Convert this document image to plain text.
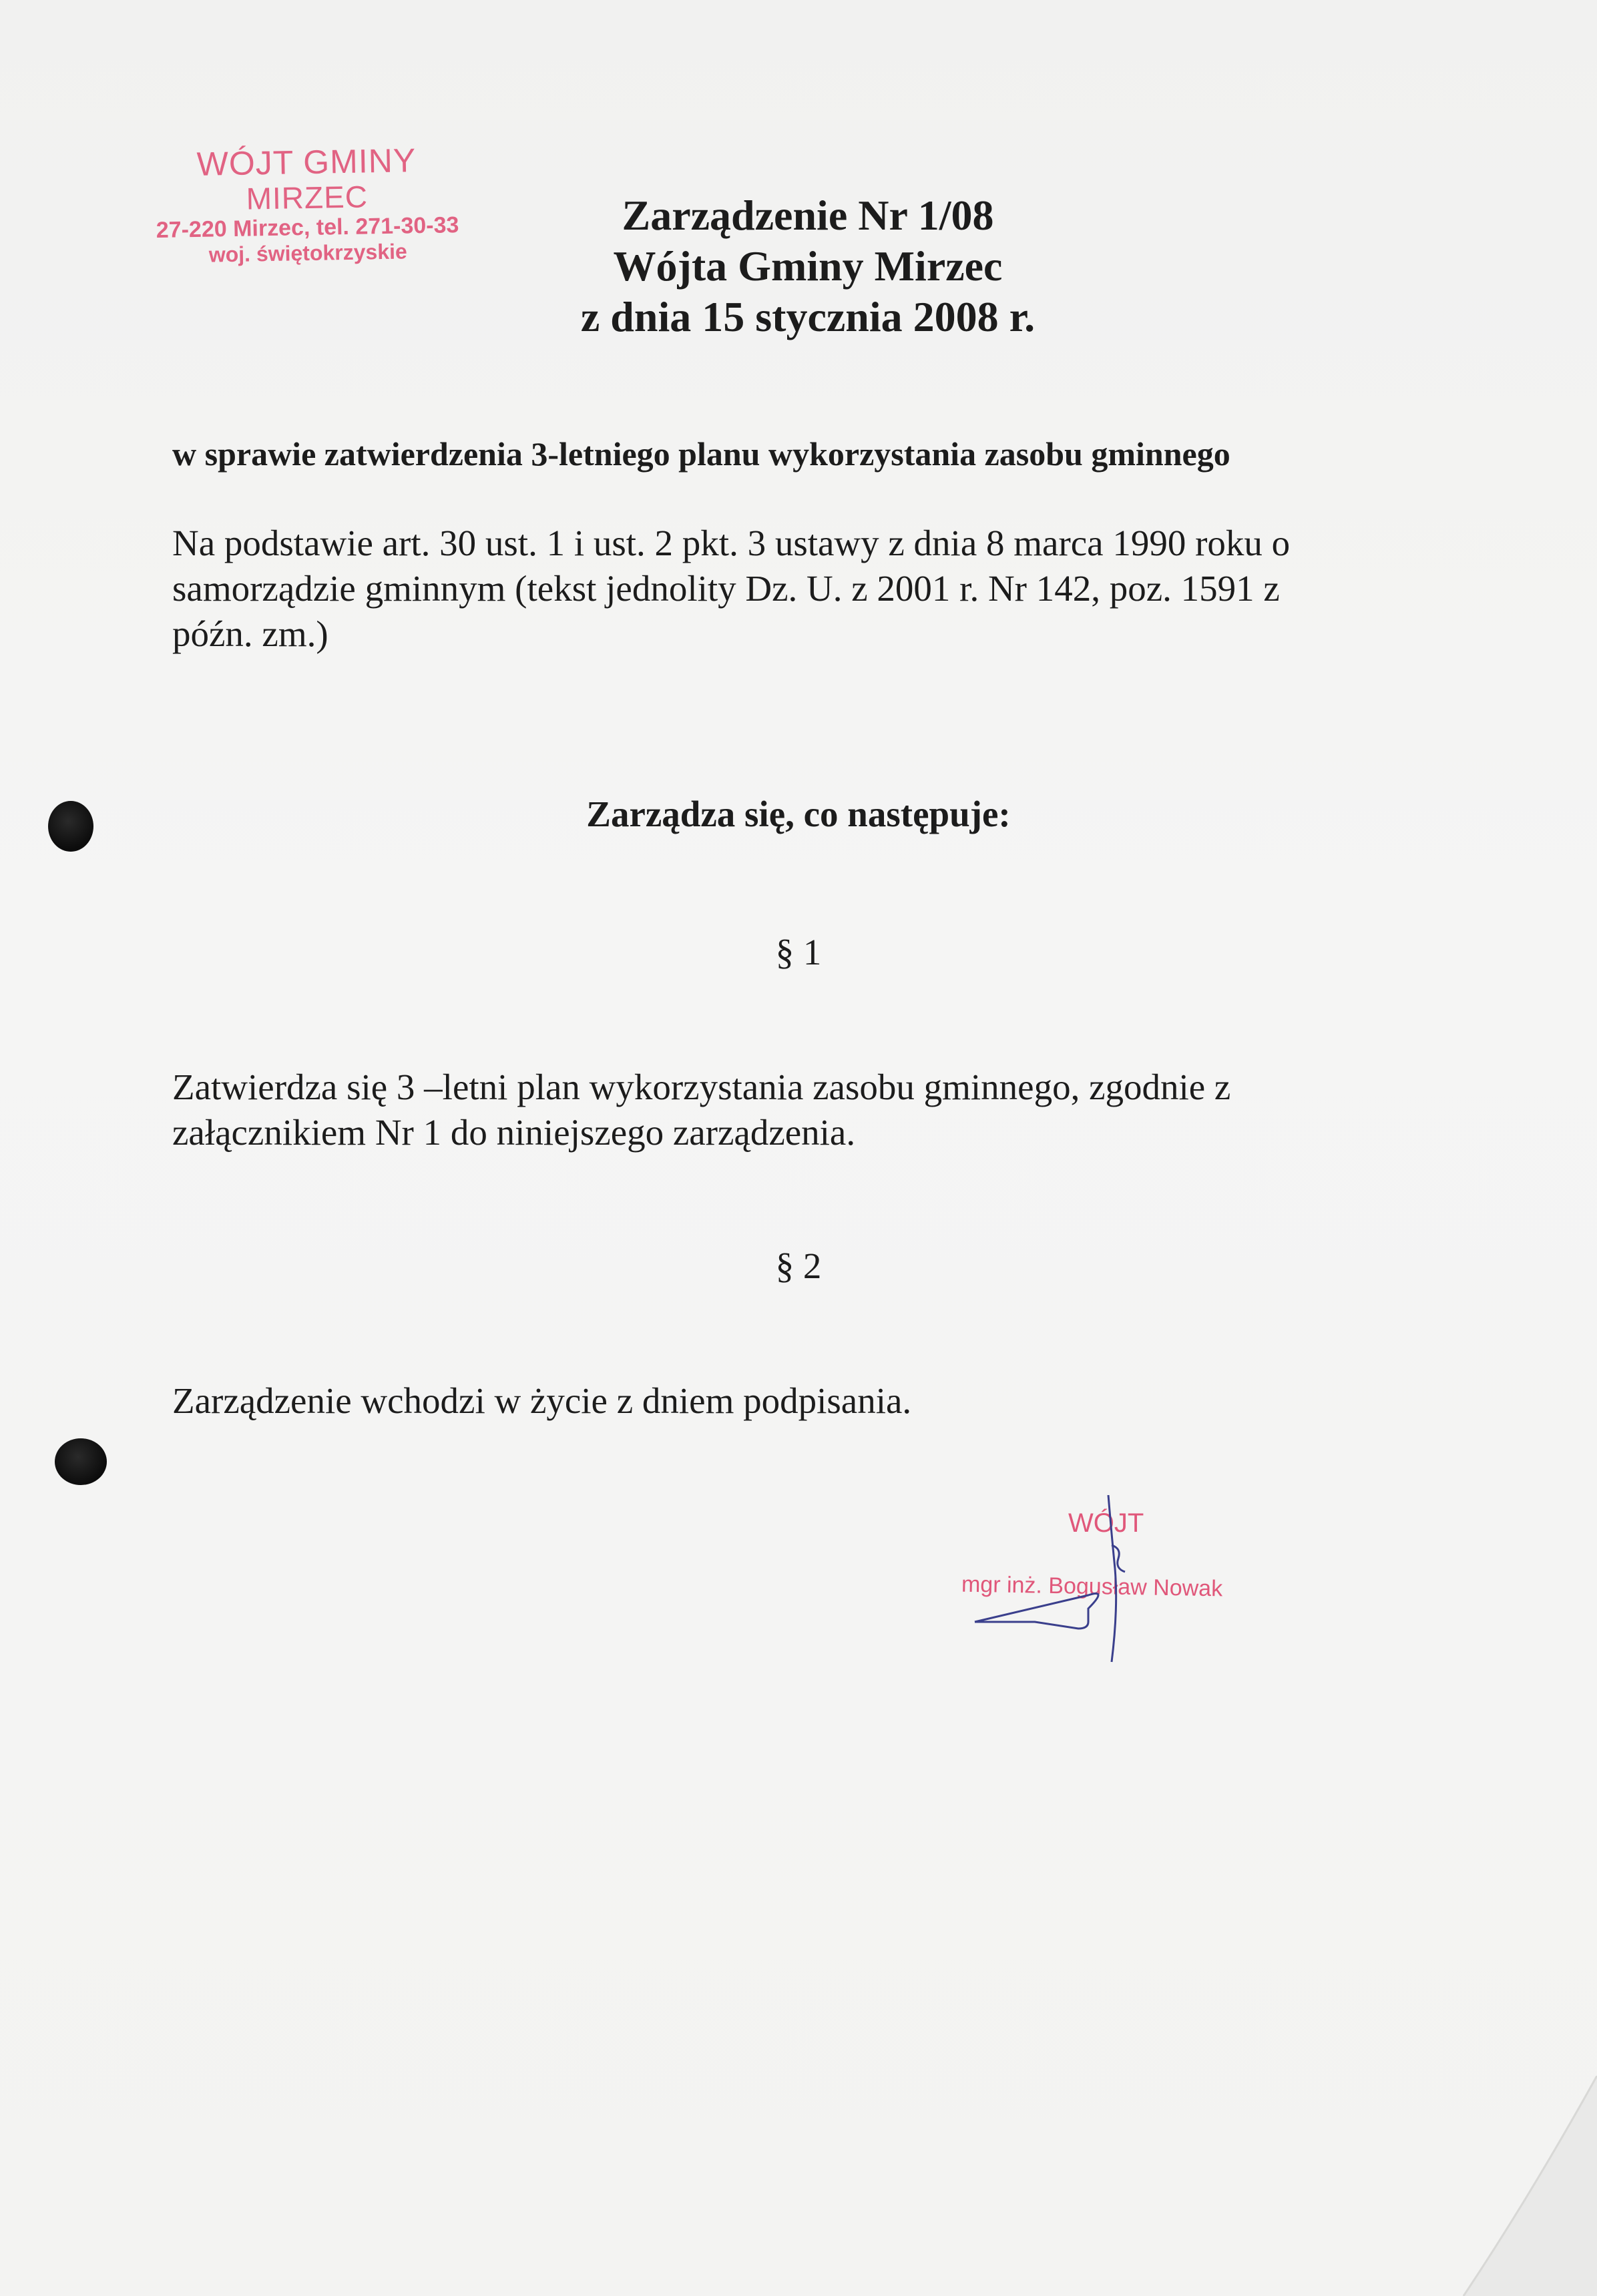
WÓJT GMINY
MIRZEC
27-220 Mirzec, tel. 271-30-33
woj. świętokrzyskie
Zarządzenie Nr 1/08
Wójta Gminy Mirzec
z dnia 15 stycznia 2008 r.
w sprawie zatwierdzenia 3-letniego planu wykorzystania zasobu gminnego
Na podstawie art. 30 ust. 1 i ust. 2 pkt. 3 ustawy z dnia 8 marca 1990 roku o
samorządzie gminnym (tekst jednolity Dz. U. z 2001 r. Nr 142, poz. 1591 z
późn. zm.)
Zarządza się, co następuje:
§ 1
Zatwierdza się 3 –letni plan wykorzystania zasobu gminnego, zgodnie z
załącznikiem Nr 1 do niniejszego zarządzenia.
§ 2
Zarządzenie wchodzi w życie z dniem podpisania.
WÓJT
mgr inż. Bogusław Nowak
